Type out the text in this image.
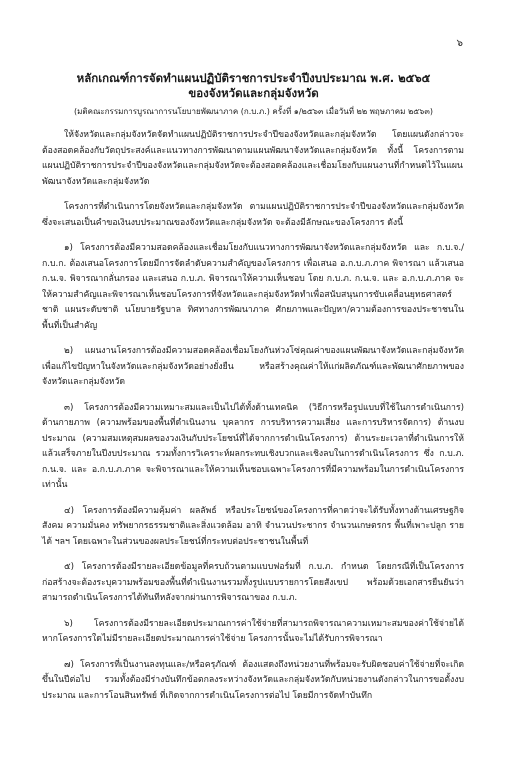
๖
หลักเกณฑ์การจัดทำแผนปฏิบัติราชการประจำปีงบประมาณ พ.ศ. ๒๕๖๕
ของจังหวัดและกลุ่มจังหวัด
(มติคณะกรรมการบูรณาการนโยบายพัฒนาภาค (ก.บ.ภ.) ครั้งที่ ๑/๒๕๖๓ เมื่อวันที่ ๒๒ พฤษภาคม ๒๕๖๓)

ให้จังหวัดและกลุ่มจังหวัดจัดทำแผนปฏิบัติราชการประจำปีของจังหวัดและกลุ่มจังหวัด โดยแผนดังกล่าวจะต้องสอดคล้องกับวัตถุประสงค์และแนวทางการพัฒนาตามแผนพัฒนาจังหวัดและกลุ่มจังหวัด ทั้งนี้ โครงการตามแผนปฏิบัติราชการประจำปีของจังหวัดและกลุ่มจังหวัดจะต้องสอดคล้องและเชื่อมโยงกับแผนงานที่กำหนดไว้ในแผนพัฒนาจังหวัดและกลุ่มจังหวัด

โครงการที่ดำเนินการโดยจังหวัดและกลุ่มจังหวัด ตามแผนปฏิบัติราชการประจำปีของจังหวัดและกลุ่มจังหวัด ซึ่งจะเสนอเป็นคำขอเงินงบประมาณของจังหวัดและกลุ่มจังหวัด จะต้องมีลักษณะของโครงการ ดังนี้

๑) โครงการต้องมีความสอดคล้องและเชื่อมโยงกับแนวทางการพัฒนาจังหวัดและกลุ่มจังหวัด และ ก.บ.จ./ก.บ.ก. ต้องเสนอโครงการโดยมีการจัดลำดับความสำคัญของโครงการ เพื่อเสนอ อ.ก.บ.ภ.ภาค พิจารณา แล้วเสนอ ก.น.จ. พิจารณากลั่นกรอง และเสนอ ก.บ.ภ. พิจารณาให้ความเห็นชอบ โดย ก.บ.ภ. ก.น.จ. และ อ.ก.บ.ภ.ภาค จะให้ความสำคัญและพิจารณาเห็นชอบโครงการที่จังหวัดและกลุ่มจังหวัดทำเพื่อสนับสนุนการขับเคลื่อนยุทธศาสตร์ชาติ แผนระดับชาติ นโยบายรัฐบาล ทิศทางการพัฒนาภาค ศักยภาพและปัญหา/ความต้องการของประชาชนในพื้นที่เป็นสำคัญ

๒) แผนงานโครงการต้องมีความสอดคล้องเชื่อมโยงกันห่วงโซ่คุณค่าของแผนพัฒนาจังหวัดและกลุ่มจังหวัด เพื่อแก้ไขปัญหาในจังหวัดและกลุ่มจังหวัดอย่างยั่งยืน หรือสร้างคุณค่าให้แก่ผลิตภัณฑ์และพัฒนาศักยภาพของจังหวัดและกลุ่มจังหวัด

๓) โครงการต้องมีความเหมาะสมและเป็นไปได้ทั้งด้านเทคนิค (วิธีการหรือรูปแบบที่ใช้ในการดำเนินการ) ด้านกายภาพ (ความพร้อมของพื้นที่ดำเนินงาน บุคลากร การบริหารความเสี่ยง และการบริหารจัดการ) ด้านงบประมาณ (ความสมเหตุสมผลของวงเงินกับประโยชน์ที่ได้จากการดำเนินโครงการ) ด้านระยะเวลาที่ดำเนินการให้แล้วเสร็จภายในปีงบประมาณ รวมทั้งการวิเคราะห์ผลกระทบเชิงบวกและเชิงลบในการดำเนินโครงการ ซึ่ง ก.บ.ภ. ก.น.จ. และ อ.ก.บ.ภ.ภาค จะพิจารณาและให้ความเห็นชอบเฉพาะโครงการที่มีความพร้อมในการดำเนินโครงการเท่านั้น

๔) โครงการต้องมีความคุ้มค่า ผลลัพธ์ หรือประโยชน์ของโครงการที่คาดว่าจะได้รับทั้งทางด้านเศรษฐกิจ สังคม ความมั่นคง ทรัพยากรธรรมชาติและสิ่งแวดล้อม อาทิ จำนวนประชากร จำนวนเกษตรกร พื้นที่เพาะปลูก รายได้ ฯลฯ โดยเฉพาะในส่วนของผลประโยชน์ที่กระทบต่อประชาชนในพื้นที่

๕) โครงการต้องมีรายละเอียดข้อมูลที่ครบถ้วนตามแบบฟอร์มที่ ก.บ.ภ. กำหนด โดยกรณีที่เป็นโครงการก่อสร้างจะต้องระบุความพร้อมของพื้นที่ดำเนินงานรวมทั้งรูปแบบรายการโดยสังเขป พร้อมด้วยเอกสารยืนยันว่าสามารถดำเนินโครงการได้ทันทีหลังจากผ่านการพิจารณาของ ก.บ.ภ.

๖) โครงการต้องมีรายละเอียดประมาณการค่าใช้จ่ายที่สามารถพิจารณาความเหมาะสมของค่าใช้จ่ายได้ หากโครงการใดไม่มีรายละเอียดประมาณการค่าใช้จ่าย โครงการนั้นจะไม่ได้รับการพิจารณา

๗) โครงการที่เป็นงานลงทุนและ/หรือครุภัณฑ์ ต้องแสดงถึงหน่วยงานที่พร้อมจะรับผิดชอบค่าใช้จ่ายที่จะเกิดขึ้นในปีต่อไป รวมทั้งต้องมีร่างบันทึกข้อตกลงระหว่างจังหวัดและกลุ่มจังหวัดกับหน่วยงานดังกล่าวในการขอตั้งงบประมาณ และการโอนสินทรัพย์ ที่เกิดจากการดำเนินโครงการต่อไป โดยมีการจัดทำบันทึก
